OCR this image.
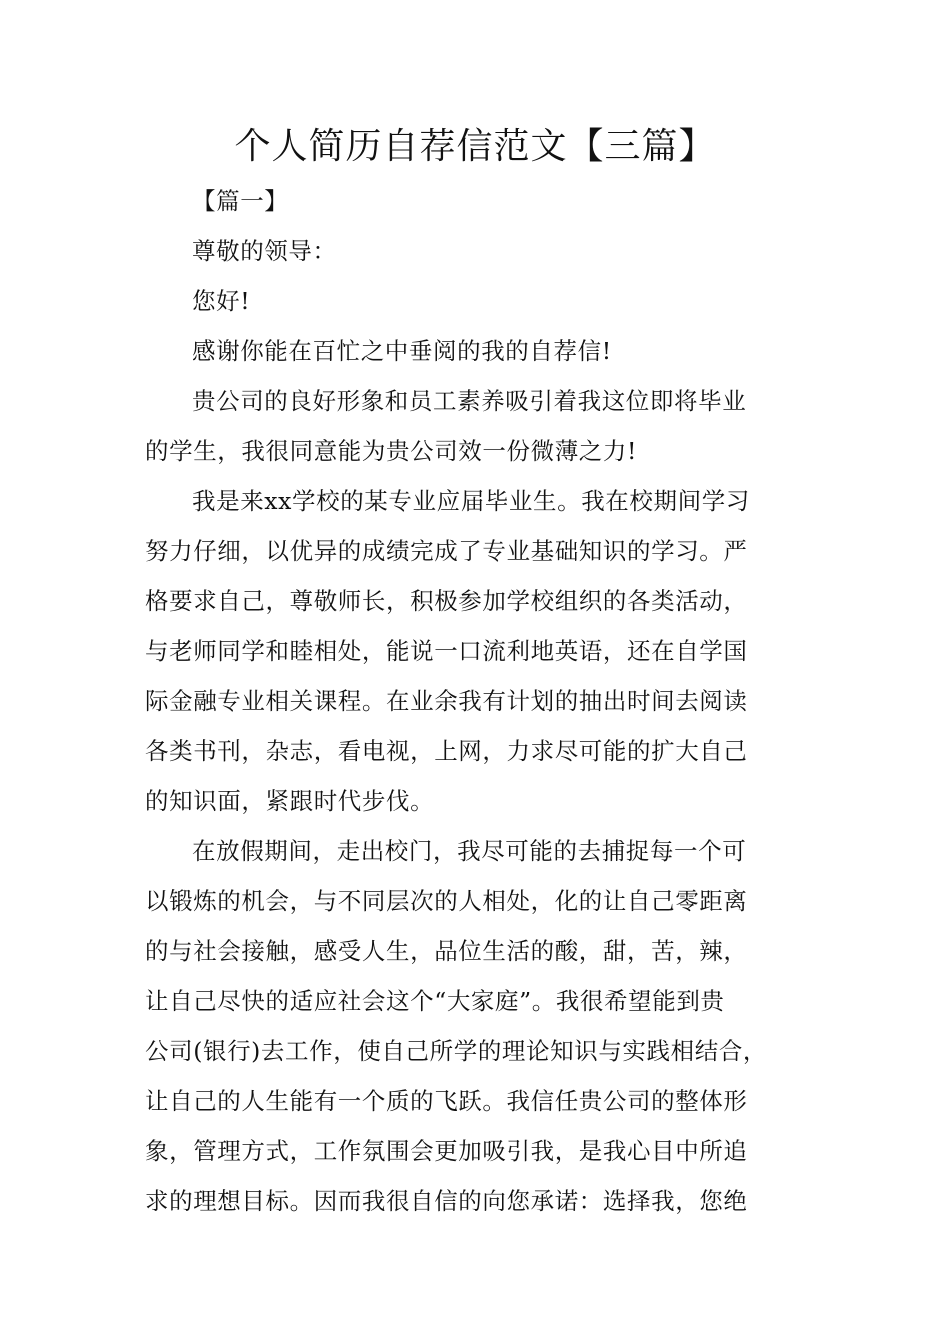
个人简历自荐信范文【三篇】

【篇一】

尊敬的领导：

您好!

感谢你能在百忙之中垂阅的我的自荐信!

贵公司的良好形象和员工素养吸引着我这位即将毕业
的学生，我很同意能为贵公司效一份微薄之力!

我是来xx学校的某专业应届毕业生。我在校期间学习
努力仔细，以优异的成绩完成了专业基础知识的学习。严
格要求自己，尊敬师长，积极参加学校组织的各类活动，
与老师同学和睦相处，能说一口流利地英语，还在自学国
际金融专业相关课程。在业余我有计划的抽出时间去阅读
各类书刊，杂志，看电视，上网，力求尽可能的扩大自己
的知识面，紧跟时代步伐。

在放假期间，走出校门，我尽可能的去捕捉每一个可
以锻炼的机会，与不同层次的人相处，化的让自己零距离
的与社会接触，感受人生，品位生活的酸，甜，苦，辣，
让自己尽快的适应社会这个“大家庭”。我很希望能到贵
公司(银行)去工作，使自己所学的理论知识与实践相结合，
让自己的人生能有一个质的飞跃。我信任贵公司的整体形
象，管理方式，工作氛围会更加吸引我，是我心目中所追
求的理想目标。因而我很自信的向您承诺：选择我，您绝
